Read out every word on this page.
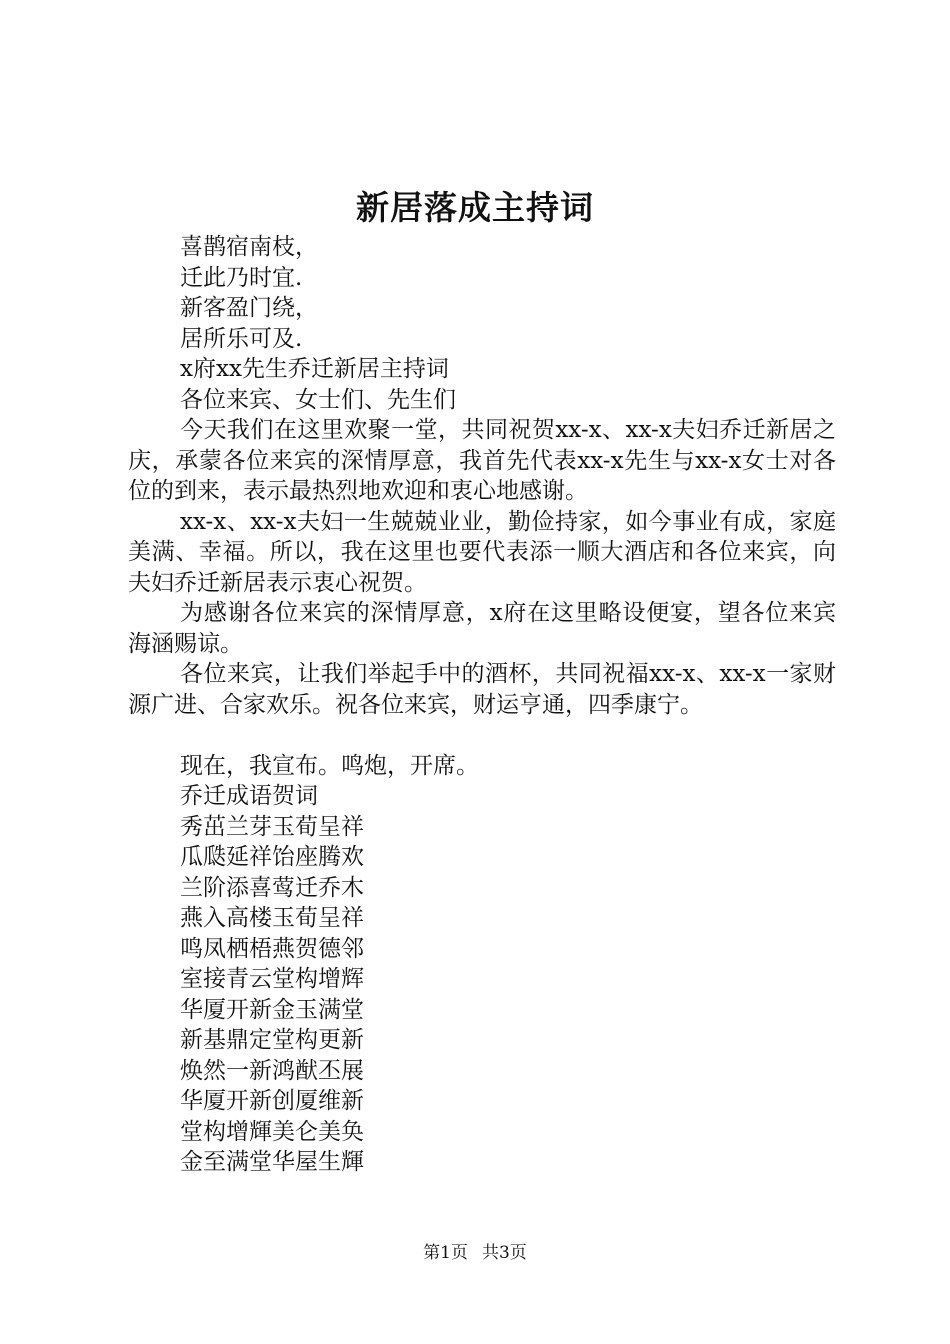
新居落成主持词

喜鹊宿南枝，

迁此乃时宜.

新客盈门绕，

居所乐可及.

x府xx先生乔迁新居主持词

各位来宾、女士们、先生们

今天我们在这里欢聚一堂，共同祝贺xx-x、xx-x夫妇乔迁新居之庆，承蒙各位来宾的深情厚意，我首先代表xx-x先生与xx-x女士对各位的到来，表示最热烈地欢迎和衷心地感谢。

xx-x、xx-x夫妇一生兢兢业业，勤俭持家，如今事业有成，家庭美满、幸福。所以，我在这里也要代表添一顺大酒店和各位来宾，向夫妇乔迁新居表示衷心祝贺。

为感谢各位来宾的深情厚意，x府在这里略设便宴，望各位来宾海涵赐谅。

各位来宾，让我们举起手中的酒杯，共同祝福xx-x、xx-x一家财源广进、合家欢乐。祝各位来宾，财运亨通，四季康宁。

现在，我宣布。鸣炮，开席。

乔迁成语贺词

秀茁兰芽玉荀呈祥

瓜瓞延祥饴座腾欢

兰阶添喜莺迁乔木

燕入高楼玉荀呈祥

鸣凤栖梧燕贺德邻

室接青云堂构增辉

华厦开新金玉满堂

新基鼎定堂构更新

焕然一新鸿猷丕展

华厦开新创厦维新

堂构增輝美仑美奂

金至满堂华屋生輝

第1页 共3页
